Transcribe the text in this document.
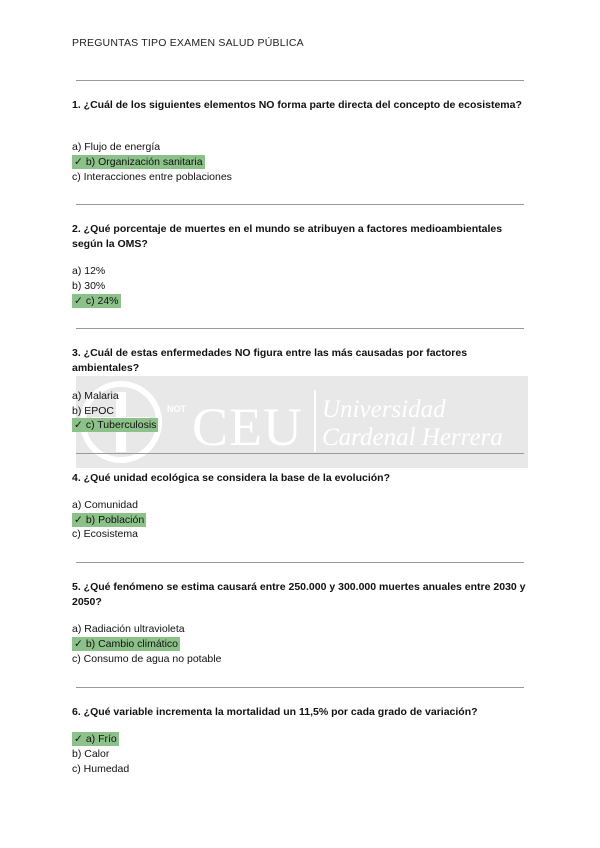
PREGUNTAS TIPO EXAMEN SALUD PÚBLICA
NOT CEU Universidad
Cardenal Herrera
1. ¿Cuál de los siguientes elementos NO forma parte directa del concepto de ecosistema?
a) Flujo de energía
✓ b) Organización sanitaria
c) Interacciones entre poblaciones
2. ¿Qué porcentaje de muertes en el mundo se atribuyen a factores medioambientales según la OMS?
a) 12%
b) 30%
✓ c) 24%
3. ¿Cuál de estas enfermedades NO figura entre las más causadas por factores ambientales?
a) Malaria
b) EPOC
✓ c) Tuberculosis
4. ¿Qué unidad ecológica se considera la base de la evolución?
a) Comunidad
✓ b) Población
c) Ecosistema
5. ¿Qué fenómeno se estima causará entre 250.000 y 300.000 muertes anuales entre 2030 y 2050?
a) Radiación ultravioleta
✓ b) Cambio climático
c) Consumo de agua no potable
6. ¿Qué variable incrementa la mortalidad un 11,5% por cada grado de variación?
✓ a) Frío
b) Calor
c) Humedad
